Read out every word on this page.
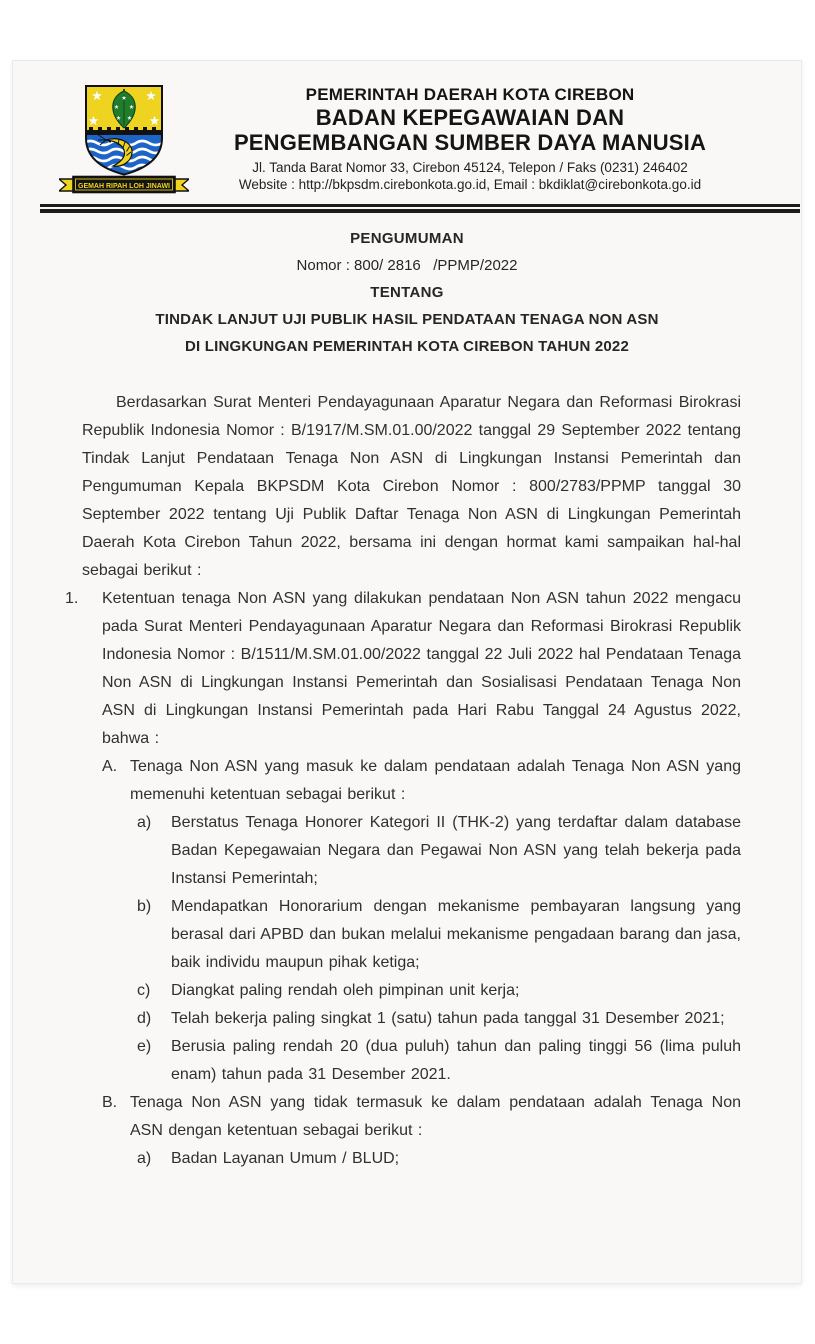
GEMAH RIPAH LOH JINAWI
PEMERINTAH DAERAH KOTA CIREBON
BADAN KEPEGAWAIAN DAN
PENGEMBANGAN SUMBER DAYA MANUSIA
Jl. Tanda Barat Nomor 33, Cirebon 45124, Telepon / Faks (0231) 246402
Website : http://bkpsdm.cirebonkota.go.id, Email : bkdiklat@cirebonkota.go.id

PENGUMUMAN

Nomor : 800/ 2816   /PPMP/2022

TENTANG

TINDAK LANJUT UJI PUBLIK HASIL PENDATAAN TENAGA NON ASN

DI LINGKUNGAN PEMERINTAH KOTA CIREBON TAHUN 2022

Berdasarkan Surat Menteri Pendayagunaan Aparatur Negara dan Reformasi Birokrasi Republik Indonesia Nomor : B/1917/M.SM.01.00/2022 tanggal 29 September 2022 tentang Tindak Lanjut Pendataan Tenaga Non ASN di Lingkungan Instansi Pemerintah dan Pengumuman Kepala BKPSDM Kota Cirebon Nomor : 800/2783/PPMP tanggal 30 September 2022 tentang Uji Publik Daftar Tenaga Non ASN di Lingkungan Pemerintah Daerah Kota Cirebon Tahun 2022, bersama ini dengan hormat kami sampaikan hal-hal sebagai berikut :

1. Ketentuan tenaga Non ASN yang dilakukan pendataan Non ASN tahun 2022 mengacu pada Surat Menteri Pendayagunaan Aparatur Negara dan Reformasi Birokrasi Republik Indonesia Nomor : B/1511/M.SM.01.00/2022 tanggal 22 Juli 2022 hal Pendataan Tenaga Non ASN di Lingkungan Instansi Pemerintah dan Sosialisasi Pendataan Tenaga Non ASN di Lingkungan Instansi Pemerintah pada Hari Rabu Tanggal 24 Agustus 2022, bahwa :
A. Tenaga Non ASN yang masuk ke dalam pendataan adalah Tenaga Non ASN yang memenuhi ketentuan sebagai berikut :
a) Berstatus Tenaga Honorer Kategori II (THK-2) yang terdaftar dalam database Badan Kepegawaian Negara dan Pegawai Non ASN yang telah bekerja pada Instansi Pemerintah;
b) Mendapatkan Honorarium dengan mekanisme pembayaran langsung yang berasal dari APBD dan bukan melalui mekanisme pengadaan barang dan jasa, baik individu maupun pihak ketiga;
c) Diangkat paling rendah oleh pimpinan unit kerja;
d) Telah bekerja paling singkat 1 (satu) tahun pada tanggal 31 Desember 2021;
e) Berusia paling rendah 20 (dua puluh) tahun dan paling tinggi 56 (lima puluh enam) tahun pada 31 Desember 2021.
B. Tenaga Non ASN yang tidak termasuk ke dalam pendataan adalah Tenaga Non ASN dengan ketentuan sebagai berikut :
a) Badan Layanan Umum / BLUD;
